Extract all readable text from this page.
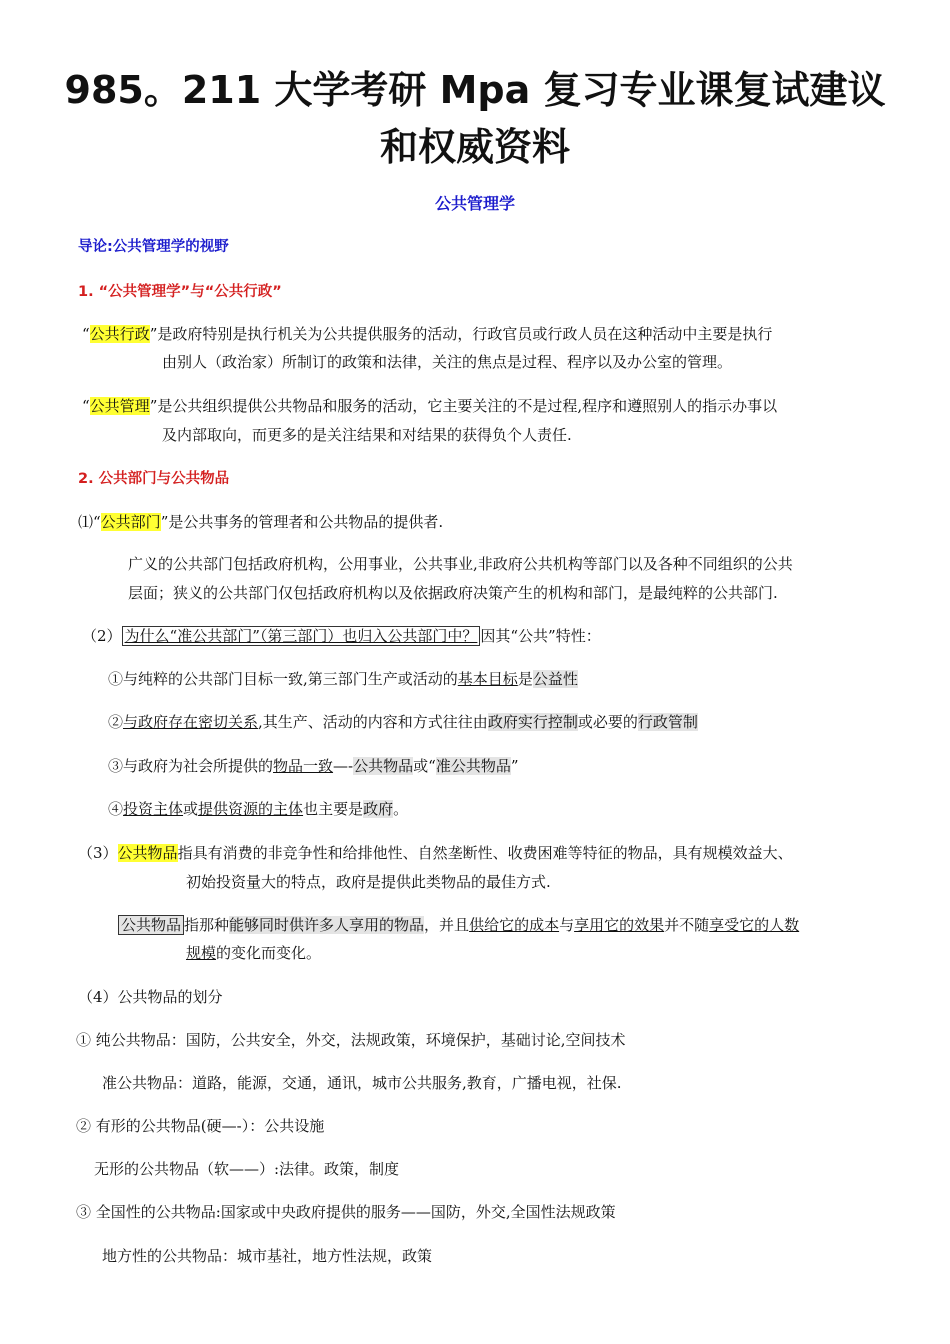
985。211 大学考研 Mpa 复习专业课复试建议和权威资料
公共管理学
导论:公共管理学的视野
1. “公共管理学”与“公共行政”
“公共行政”是政府特别是执行机关为公共提供服务的活动，行政官员或行政人员在这种活动中主要是执行
由别人（政治家）所制订的政策和法律，关注的焦点是过程、程序以及办公室的管理。
“公共管理”是公共组织提供公共物品和服务的活动，它主要关注的不是过程,程序和遵照别人的指示办事以
及内部取向，而更多的是关注结果和对结果的获得负个人责任.
2. 公共部门与公共物品
⑴“公共部门”是公共事务的管理者和公共物品的提供者.
广义的公共部门包括政府机构，公用事业，公共事业,非政府公共机构等部门以及各种不同组织的公共
层面；狭义的公共部门仅包括政府机构以及依据政府决策产生的机构和部门，是最纯粹的公共部门.
（2） 为什么“准公共部门”（第三部门）也归入公共部门中？ 因其“公共”特性：
①与纯粹的公共部门目标一致,第三部门生产或活动的基本目标是公益性
②与政府存在密切关系,其生产、活动的内容和方式往往由政府实行控制或必要的行政管制
③与政府为社会所提供的物品一致—-公共物品或“准公共物品”
④投资主体或提供资源的主体也主要是政府。
（3）公共物品指具有消费的非竞争性和给排他性、自然垄断性、收费困难等特征的物品，具有规模效益大、
初始投资量大的特点，政府是提供此类物品的最佳方式.
公共物品 指那种能够同时供许多人享用的物品，并且供给它的成本与享用它的效果并不随享受它的人数
规模的变化而变化。
（4）公共物品的划分
① 纯公共物品：国防，公共安全，外交，法规政策，环境保护，基础讨论,空间技术
准公共物品：道路，能源，交通，通讯，城市公共服务,教育，广播电视，社保.
② 有形的公共物品(硬—-）：公共设施
无形的公共物品（软——）:法律。政策，制度
③ 全国性的公共物品:国家或中央政府提供的服务——国防，外交,全国性法规政策
地方性的公共物品：城市基社，地方性法规，政策
